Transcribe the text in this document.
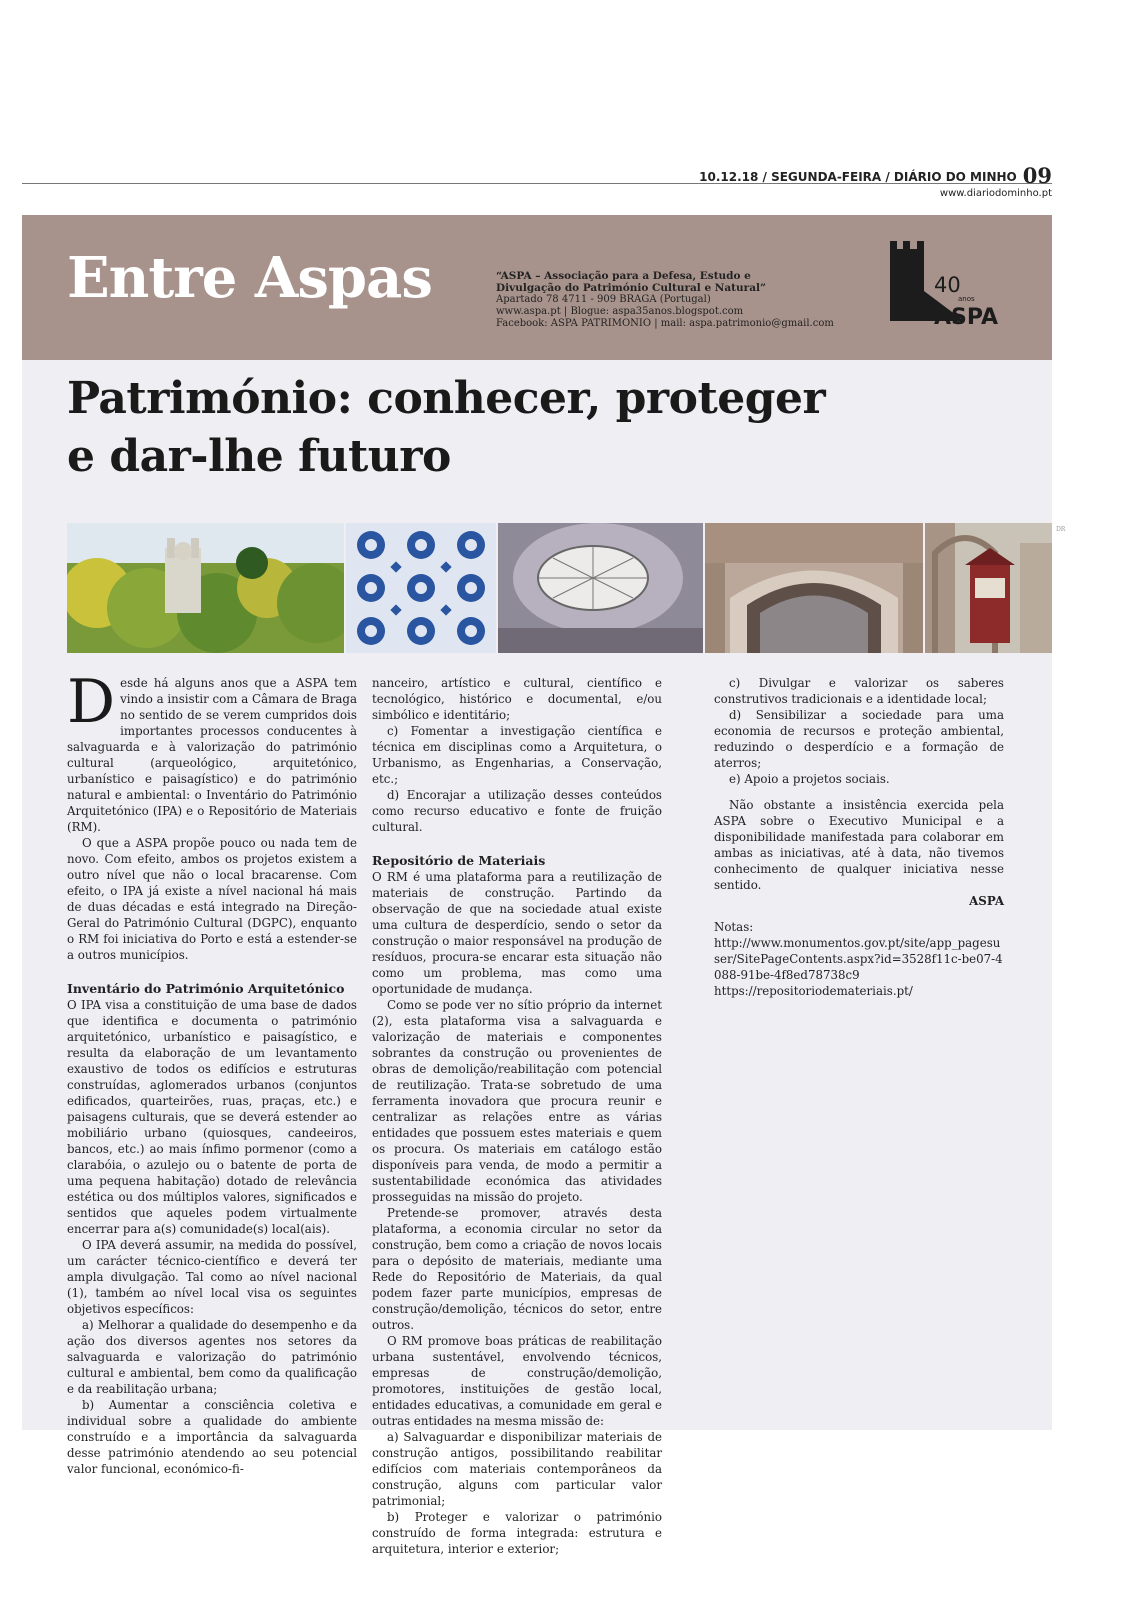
10.12.18 / SEGUNDA-FEIRA / DIÁRIO DO MINHO 09
www.diariodominho.pt
Entre Aspas	“ASPA – Associação para a Defesa, Estudo e Divulgação do Património Cultural e Natural”
Apartado 78 4711 - 909 BRAGA (Portugal)
www.aspa.pt | Blogue: aspa35anos.blogspot.com
Facebook: ASPA PATRIMONIO | mail: aspa.patrimonio@gmail.com
40
anos
ASPA
Património: conhecer, proteger
e dar-lhe futuro
DR

Desde há alguns anos que a ASPA tem vindo a insistir com a Câmara de Braga no sentido de se verem cumpridos dois importantes processos conducentes à salvaguarda e à valorização do património cultural (arqueológico, arquitetónico, urbanístico e paisagístico) e do património natural e ambiental: o Inventário do Património Arquitetónico (IPA) e o Repositório de Materiais (RM).

O que a ASPA propõe pouco ou nada tem de novo. Com efeito, ambos os projetos existem a outro nível que não o local bracarense. Com efeito, o IPA já existe a nível nacional há mais de duas décadas e está integrado na Direção-Geral do Património Cultural (DGPC), enquanto o RM foi iniciativa do Porto e está a estender-se a outros municípios.

Inventário do Património Arquitetónico

O IPA visa a constituição de uma base de dados que identifica e documenta o património arquitetónico, urbanístico e paisagístico, e resulta da elaboração de um levantamento exaustivo de todos os edifícios e estruturas construídas, aglomerados urbanos (conjuntos edificados, quarteirões, ruas, praças, etc.) e paisagens culturais, que se deverá estender ao mobiliário urbano (quiosques, candeeiros, bancos, etc.) ao mais ínfimo pormenor (como a clarabóia, o azulejo ou o batente de porta de uma pequena habitação) dotado de relevância estética ou dos múltiplos valores, significados e sentidos que aqueles podem virtualmente encerrar para a(s) comunidade(s) local(ais).

O IPA deverá assumir, na medida do possível, um carácter técnico-científico e deverá ter ampla divulgação. Tal como ao nível nacional (1), também ao nível local visa os seguintes objetivos específicos:

a) Melhorar a qualidade do desempenho e da ação dos diversos agentes nos setores da salvaguarda e valorização do património cultural e ambiental, bem como da qualificação e da reabilitação urbana;

b) Aumentar a consciência coletiva e individual sobre a qualidade do ambiente construído e a importância da salvaguarda desse património atendendo ao seu potencial valor funcional, económico-fi-

nanceiro, artístico e cultural, científico e tecnológico, histórico e documental, e/ou simbólico e identitário;

c) Fomentar a investigação científica e técnica em disciplinas como a Arquitetura, o Urbanismo, as Engenharias, a Conservação, etc.;

d) Encorajar a utilização desses conteúdos como recurso educativo e fonte de fruição cultural.

Repositório de Materiais

O RM é uma plataforma para a reutilização de materiais de construção. Partindo da observação de que na sociedade atual existe uma cultura de desperdício, sendo o setor da construção o maior responsável na produção de resíduos, procura-se encarar esta situação não como um problema, mas como uma oportunidade de mudança.

Como se pode ver no sítio próprio da internet (2), esta plataforma visa a salvaguarda e valorização de materiais e componentes sobrantes da construção ou provenientes de obras de demolição/reabilitação com potencial de reutilização. Trata-se sobretudo de uma ferramenta inovadora que procura reunir e centralizar as relações entre as várias entidades que possuem estes materiais e quem os procura. Os materiais em catálogo estão disponíveis para venda, de modo a permitir a sustentabilidade económica das atividades prosseguidas na missão do projeto.

Pretende-se promover, através desta plataforma, a economia circular no setor da construção, bem como a criação de novos locais para o depósito de materiais, mediante uma Rede do Repositório de Materiais, da qual podem fazer parte municípios, empresas de construção/demolição, técnicos do setor, entre outros.

O RM promove boas práticas de reabilitação urbana sustentável, envolvendo técnicos, empresas de construção/demolição, promotores, instituições de gestão local, entidades educativas, a comunidade em geral e outras entidades na mesma missão de:

a) Salvaguardar e disponibilizar materiais de construção antigos, possibilitando reabilitar edifícios com materiais contemporâneos da construção, alguns com particular valor patrimonial;

b) Proteger e valorizar o património construído de forma integrada: estrutura e arquitetura, interior e exterior;

c) Divulgar e valorizar os saberes construtivos tradicionais e a identidade local;

d) Sensibilizar a sociedade para uma economia de recursos e proteção ambiental, reduzindo o desperdício e a formação de aterros;

e) Apoio a projetos sociais.

Não obstante a insistência exercida pela ASPA sobre o Executivo Municipal e a disponibilidade manifestada para colaborar em ambas as iniciativas, até à data, não tivemos conhecimento de qualquer iniciativa nesse sentido.

ASPA

Notas:

http://www.monumentos.gov.pt/site/app_pagesuser/SitePageContents.aspx?id=3528f11c-be07-4088-91be-4f8ed78738c9

https://repositoriodemateriais.pt/
